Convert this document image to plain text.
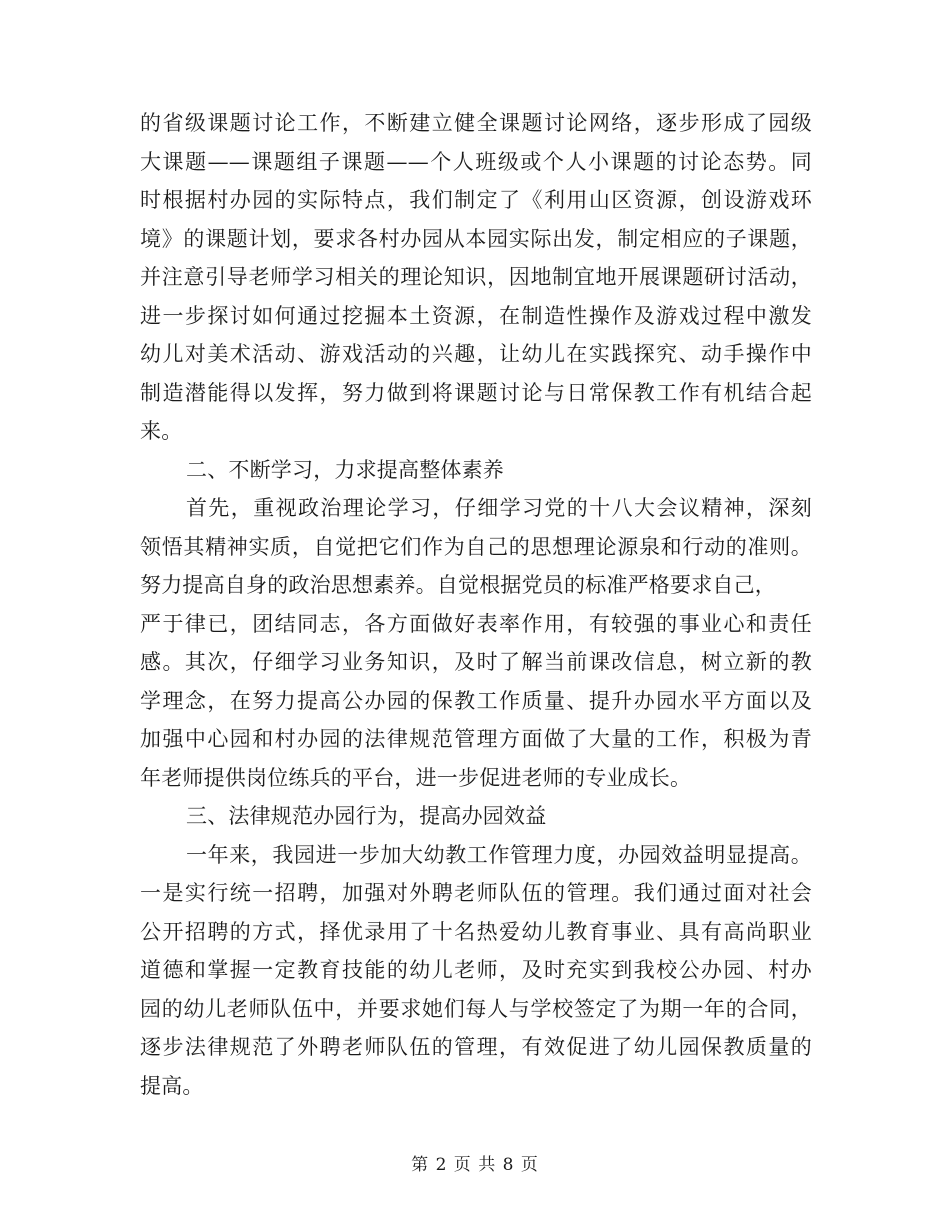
的省级课题讨论工作，不断建立健全课题讨论网络，逐步形成了园级
大课题——课题组子课题——个人班级或个人小课题的讨论态势。同
时根据村办园的实际特点，我们制定了《利用山区资源，创设游戏环
境》的课题计划，要求各村办园从本园实际出发，制定相应的子课题，
并注意引导老师学习相关的理论知识，因地制宜地开展课题研讨活动，
进一步探讨如何通过挖掘本土资源，在制造性操作及游戏过程中激发
幼儿对美术活动、游戏活动的兴趣，让幼儿在实践探究、动手操作中
制造潜能得以发挥，努力做到将课题讨论与日常保教工作有机结合起
来。
二、不断学习，力求提高整体素养
首先，重视政治理论学习，仔细学习党的十八大会议精神，深刻
领悟其精神实质，自觉把它们作为自己的思想理论源泉和行动的准则。
努力提高自身的政治思想素养。自觉根据党员的标准严格要求自己，
严于律已，团结同志，各方面做好表率作用，有较强的事业心和责任
感。其次，仔细学习业务知识，及时了解当前课改信息，树立新的教
学理念，在努力提高公办园的保教工作质量、提升办园水平方面以及
加强中心园和村办园的法律规范管理方面做了大量的工作，积极为青
年老师提供岗位练兵的平台，进一步促进老师的专业成长。
三、法律规范办园行为，提高办园效益
一年来，我园进一步加大幼教工作管理力度，办园效益明显提高。
一是实行统一招聘，加强对外聘老师队伍的管理。我们通过面对社会
公开招聘的方式，择优录用了十名热爱幼儿教育事业、具有高尚职业
道德和掌握一定教育技能的幼儿老师，及时充实到我校公办园、村办
园的幼儿老师队伍中，并要求她们每人与学校签定了为期一年的合同，
逐步法律规范了外聘老师队伍的管理，有效促进了幼儿园保教质量的
提高。
第 2 页 共 8 页
